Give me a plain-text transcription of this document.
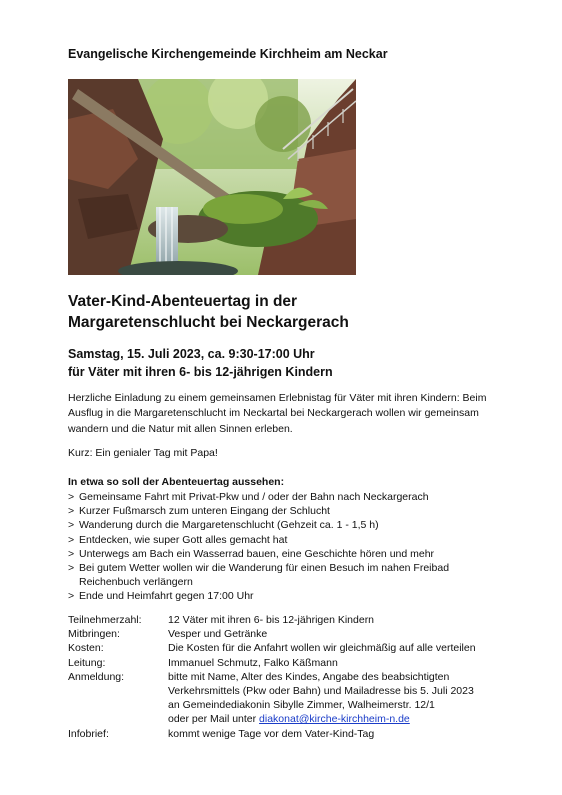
Evangelische Kirchengemeinde Kirchheim am Neckar
Vater-Kind-Abenteuertag in der
Margaretenschlucht bei Neckargerach
Samstag, 15. Juli 2023, ca. 9:30-17:00 Uhr
für Väter mit ihren 6- bis 12-jährigen Kindern
Herzliche Einladung zu einem gemeinsamen Erlebnistag für Väter mit ihren Kindern: Beim Ausflug in die Margaretenschlucht im Neckartal bei Neckargerach wollen wir gemeinsam wandern und die Natur mit allen Sinnen erleben.
Kurz: Ein genialer Tag mit Papa!
In etwa so soll der Abenteuertag aussehen:
> Gemeinsame Fahrt mit Privat-Pkw und / oder der Bahn nach Neckargerach
> Kurzer Fußmarsch zum unteren Eingang der Schlucht
> Wanderung durch die Margaretenschlucht (Gehzeit ca. 1 - 1,5 h)
> Entdecken, wie super Gott alles gemacht hat
> Unterwegs am Bach ein Wasserrad bauen, eine Geschichte hören und mehr
> Bei gutem Wetter wollen wir die Wanderung für einen Besuch im nahen Freibad Reichenbuch verlängern
> Ende und Heimfahrt gegen 17:00 Uhr
Teilnehmerzahl:	12 Väter mit ihren 6- bis 12-jährigen Kindern
Mitbringen:	Vesper und Getränke
Kosten:	Die Kosten für die Anfahrt wollen wir gleichmäßig auf alle verteilen
Leitung:	Immanuel Schmutz, Falko Käßmann
Anmeldung:	bitte mit Name, Alter des Kindes, Angabe des beabsichtigten
Verkehrsmittels (Pkw oder Bahn) und Mailadresse bis 5. Juli 2023
an Gemeindediakonin Sibylle Zimmer, Walheimerstr. 12/1
oder per Mail unter diakonat@kirche-kirchheim-n.de
Infobrief:	kommt wenige Tage vor dem Vater-Kind-Tag
